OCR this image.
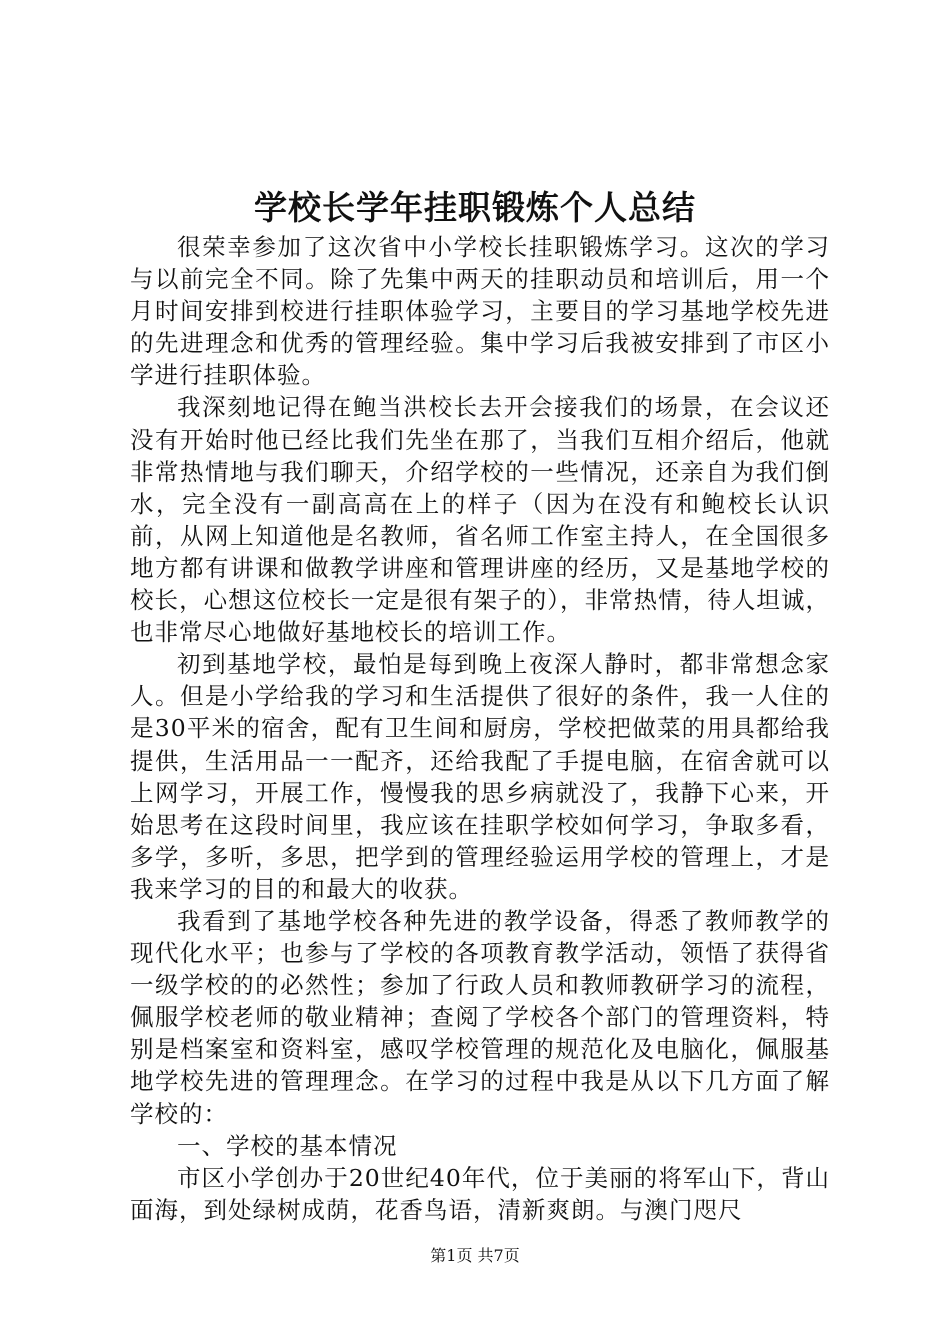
学校长学年挂职锻炼个人总结

很荣幸参加了这次省中小学校长挂职锻炼学习。这次的学习与以前完全不同。除了先集中两天的挂职动员和培训后，用一个月时间安排到校进行挂职体验学习，主要目的学习基地学校先进的先进理念和优秀的管理经验。集中学习后我被安排到了市区小学进行挂职体验。

我深刻地记得在鲍当洪校长去开会接我们的场景，在会议还没有开始时他已经比我们先坐在那了，当我们互相介绍后，他就非常热情地与我们聊天，介绍学校的一些情况，还亲自为我们倒水，完全没有一副高高在上的样子（因为在没有和鲍校长认识前，从网上知道他是名教师，省名师工作室主持人，在全国很多地方都有讲课和做教学讲座和管理讲座的经历，又是基地学校的校长，心想这位校长一定是很有架子的），非常热情，待人坦诚，也非常尽心地做好基地校长的培训工作。

初到基地学校，最怕是每到晚上夜深人静时，都非常想念家人。但是小学给我的学习和生活提供了很好的条件，我一人住的是30平米的宿舍，配有卫生间和厨房，学校把做菜的用具都给我提供，生活用品一一配齐，还给我配了手提电脑，在宿舍就可以上网学习，开展工作，慢慢我的思乡病就没了，我静下心来，开始思考在这段时间里，我应该在挂职学校如何学习，争取多看，多学，多听，多思，把学到的管理经验运用学校的管理上，才是我来学习的目的和最大的收获。

我看到了基地学校各种先进的教学设备，得悉了教师教学的现代化水平；也参与了学校的各项教育教学活动，领悟了获得省一级学校的的必然性；参加了行政人员和教师教研学习的流程，佩服学校老师的敬业精神；查阅了学校各个部门的管理资料，特别是档案室和资料室，感叹学校管理的规范化及电脑化，佩服基地学校先进的管理理念。在学习的过程中我是从以下几方面了解学校的：

一、学校的基本情况

市区小学创办于20世纪40年代，位于美丽的将军山下，背山面海，到处绿树成荫，花香鸟语，清新爽朗。与澳门咫尺

第1页 共7页
